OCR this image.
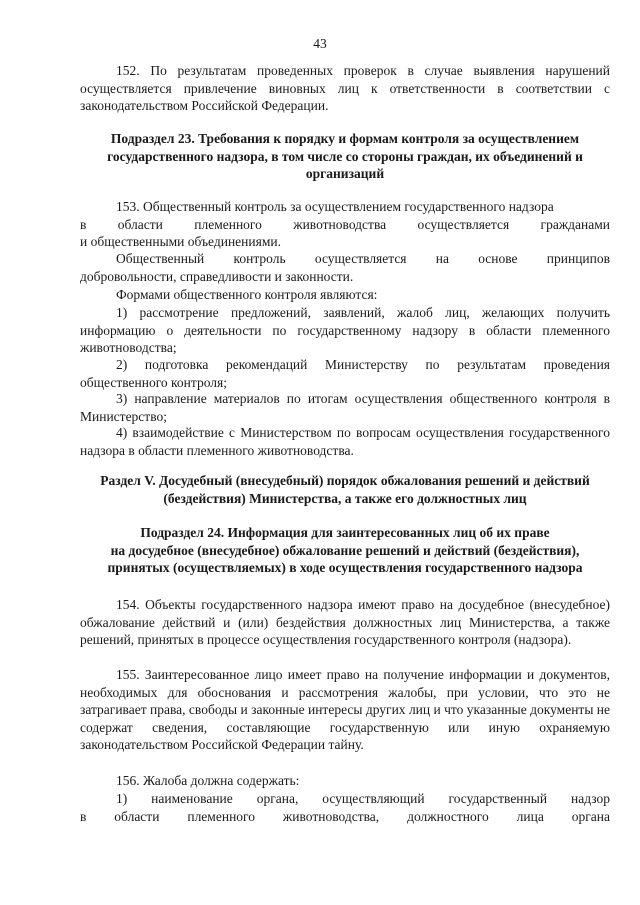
43

152. По результатам проведенных проверок в случае выявления нарушений осуществляется привлечение виновных лиц к ответственности в соответствии с законодательством Российской Федерации.

Подраздел 23. Требования к порядку и формам контроля за осуществлением государственного надзора, в том числе со стороны граждан, их объединений и организаций

153. Общественный контроль за осуществлением государственного надзора
в области племенного животноводства осуществляется гражданами
и общественными объединениями.

Общественный контроль осуществляется на основе принципов
добровольности, справедливости и законности.

Формами общественного контроля являются:

1) рассмотрение предложений, заявлений, жалоб лиц, желающих получить информацию о деятельности по государственному надзору в области племенного животноводства;

2) подготовка рекомендаций Министерству по результатам проведения общественного контроля;

3) направление материалов по итогам осуществления общественного контроля в Министерство;

4) взаимодействие с Министерством по вопросам осуществления государственного надзора в области племенного животноводства.

Раздел V. Досудебный (внесудебный) порядок обжалования решений и действий (бездействия) Министерства, а также его должностных лиц

Подраздел 24. Информация для заинтересованных лиц об их праве
на досудебное (внесудебное) обжалование решений и действий (бездействия),
принятых (осуществляемых) в ходе осуществления государственного надзора

154. Объекты государственного надзора имеют право на досудебное (внесудебное) обжалование действий и (или) бездействия должностных лиц Министерства, а также решений, принятых в процессе осуществления государственного контроля (надзора).

155. Заинтересованное лицо имеет право на получение информации и документов, необходимых для обоснования и рассмотрения жалобы, при условии, что это не затрагивает права, свободы и законные интересы других лиц и что указанные документы не содержат сведения, составляющие государственную или иную охраняемую законодательством Российской Федерации тайну.

156. Жалоба должна содержать:

1) наименование органа, осуществляющий государственный надзор
в области племенного животноводства, должностного лица органа
